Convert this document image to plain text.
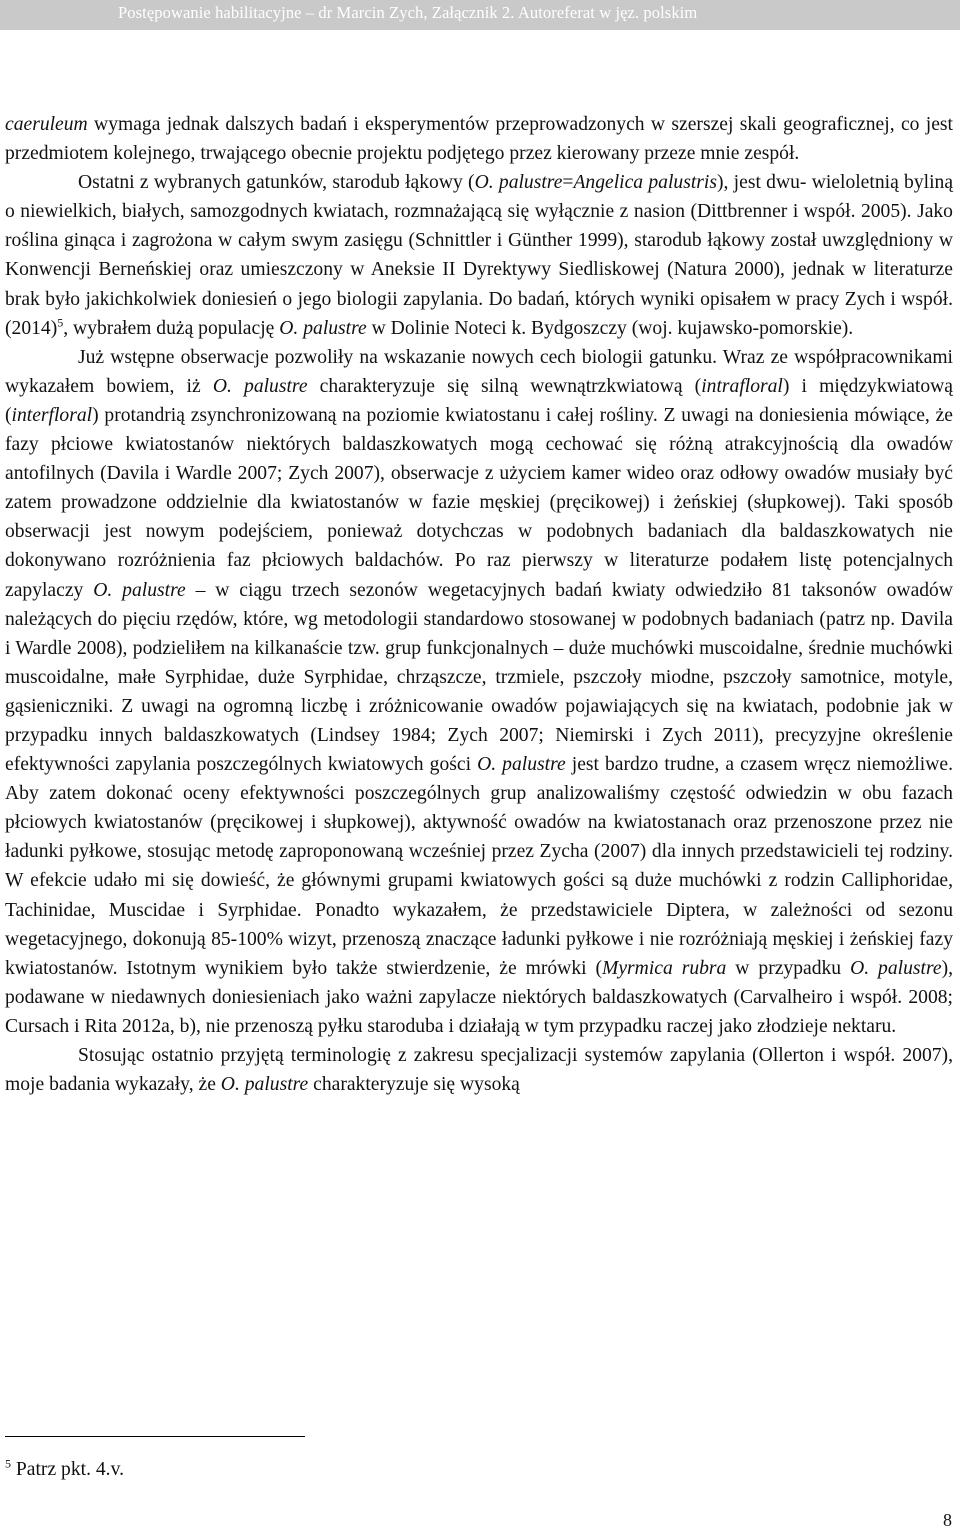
Postępowanie habilitacyjne – dr Marcin Zych, Załącznik 2. Autoreferat w jęz. polskim

caeruleum wymaga jednak dalszych badań i eksperymentów przeprowadzonych w szerszej skali geograficznej, co jest przedmiotem kolejnego, trwającego obecnie projektu podjętego przez kierowany przeze mnie zespół.

Ostatni z wybranych gatunków, starodub łąkowy (O. palustre=Angelica palustris), jest dwu- wieloletnią byliną o niewielkich, białych, samozgodnych kwiatach, rozmnażającą się wyłącznie z nasion (Dittbrenner i współ. 2005). Jako roślina ginąca i zagrożona w całym swym zasięgu (Schnittler i Günther 1999), starodub łąkowy został uwzględniony w Konwencji Berneńskiej oraz umieszczony w Aneksie II Dyrektywy Siedliskowej (Natura 2000), jednak w literaturze brak było jakichkolwiek doniesień o jego biologii zapylania. Do badań, których wyniki opisałem w pracy Zych i współ. $(2014)^5$, wybrałem dużą populację O. palustre w Dolinie Noteci k. Bydgoszczy (woj. kujawsko-pomorskie).

Już wstępne obserwacje pozwoliły na wskazanie nowych cech biologii gatunku. Wraz ze współpracownikami wykazałem bowiem, iż O. palustre charakteryzuje się silną wewnątrzkwiatową (intrafloral) i międzykwiatową (interfloral) protandrią zsynchronizowaną na poziomie kwiatostanu i całej rośliny. Z uwagi na doniesienia mówiące, że fazy płciowe kwiatostanów niektórych baldaszkowatych mogą cechować się różną atrakcyjnością dla owadów antofilnych (Davila i Wardle 2007; Zych 2007), obserwacje z użyciem kamer wideo oraz odłowy owadów musiały być zatem prowadzone oddzielnie dla kwiatostanów w fazie męskiej (pręcikowej) i żeńskiej (słupkowej). Taki sposób obserwacji jest nowym podejściem, ponieważ dotychczas w podobnych badaniach dla baldaszkowatych nie dokonywano rozróżnienia faz płciowych baldachów. Po raz pierwszy w literaturze podałem listę potencjalnych zapylaczy O. palustre – w ciągu trzech sezonów wegetacyjnych badań kwiaty odwiedziło 81 taksonów owadów należących do pięciu rzędów, które, wg metodologii standardowo stosowanej w podobnych badaniach (patrz np. Davila i Wardle 2008), podzieliłem na kilkanaście tzw. grup funkcjonalnych – duże muchówki muscoidalne, średnie muchówki muscoidalne, małe Syrphidae, duże Syrphidae, chrząszcze, trzmiele, pszczoły miodne, pszczoły samotnice, motyle, gąsieniczniki. Z uwagi na ogromną liczbę i zróżnicowanie owadów pojawiających się na kwiatach, podobnie jak w przypadku innych baldaszkowatych (Lindsey 1984; Zych 2007; Niemirski i Zych 2011), precyzyjne określenie efektywności zapylania poszczególnych kwiatowych gości O. palustre jest bardzo trudne, a czasem wręcz niemożliwe. Aby zatem dokonać oceny efektywności poszczególnych grup analizowaliśmy częstość odwiedzin w obu fazach płciowych kwiatostanów (pręcikowej i słupkowej), aktywność owadów na kwiatostanach oraz przenoszone przez nie ładunki pyłkowe, stosując metodę zaproponowaną wcześniej przez Zycha (2007) dla innych przedstawicieli tej rodziny. W efekcie udało mi się dowieść, że głównymi grupami kwiatowych gości są duże muchówki z rodzin Calliphoridae, Tachinidae, Muscidae i Syrphidae. Ponadto wykazałem, że przedstawiciele Diptera, w zależności od sezonu wegetacyjnego, dokonują 85-100% wizyt, przenoszą znaczące ładunki pyłkowe i nie rozróżniają męskiej i żeńskiej fazy kwiatostanów. Istotnym wynikiem było także stwierdzenie, że mrówki (Myrmica rubra w przypadku O. palustre), podawane w niedawnych doniesieniach jako ważni zapylacze niektórych baldaszkowatych (Carvalheiro i współ. 2008; Cursach i Rita 2012a, b), nie przenoszą pyłku staroduba i działają w tym przypadku raczej jako złodzieje nektaru.

Stosując ostatnio przyjętą terminologię z zakresu specjalizacji systemów zapylania (Ollerton i współ. 2007), moje badania wykazały, że O. palustre charakteryzuje się wysoką

$^5$ Patrz pkt. 4.v.
8
